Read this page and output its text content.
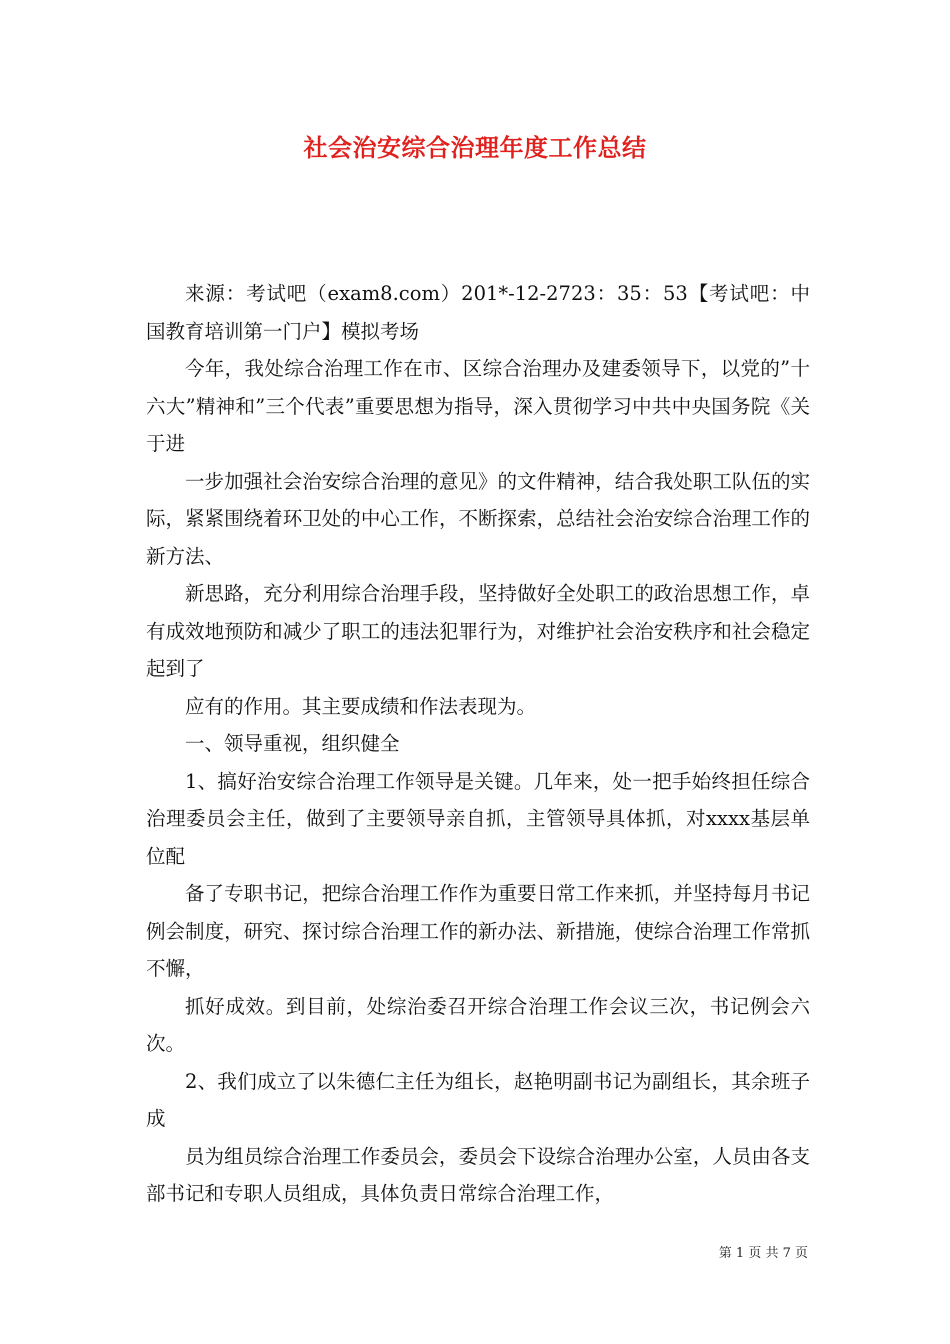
社会治安综合治理年度工作总结

来源：考试吧（exam8.com）201*-12-2723：35：53【考试吧：中国教育培训第一门户】模拟考场

今年，我处综合治理工作在市、区综合治理办及建委领导下，以党的”十六大”精神和”三个代表”重要思想为指导，深入贯彻学习中共中央国务院《关于进

一步加强社会治安综合治理的意见》的文件精神，结合我处职工队伍的实际，紧紧围绕着环卫处的中心工作，不断探索，总结社会治安综合治理工作的新方法、

新思路，充分利用综合治理手段，坚持做好全处职工的政治思想工作，卓有成效地预防和减少了职工的违法犯罪行为，对维护社会治安秩序和社会稳定起到了

应有的作用。其主要成绩和作法表现为。

一、领导重视，组织健全

1、搞好治安综合治理工作领导是关键。几年来，处一把手始终担任综合治理委员会主任，做到了主要领导亲自抓，主管领导具体抓，对xxxx基层单位配

备了专职书记，把综合治理工作作为重要日常工作来抓，并坚持每月书记例会制度，研究、探讨综合治理工作的新办法、新措施，使综合治理工作常抓不懈，

抓好成效。到目前，处综治委召开综合治理工作会议三次，书记例会六次。

2、我们成立了以朱德仁主任为组长，赵艳明副书记为副组长，其余班子成

员为组员综合治理工作委员会，委员会下设综合治理办公室，人员由各支部书记和专职人员组成，具体负责日常综合治理工作，

第 1 页 共 7 页
